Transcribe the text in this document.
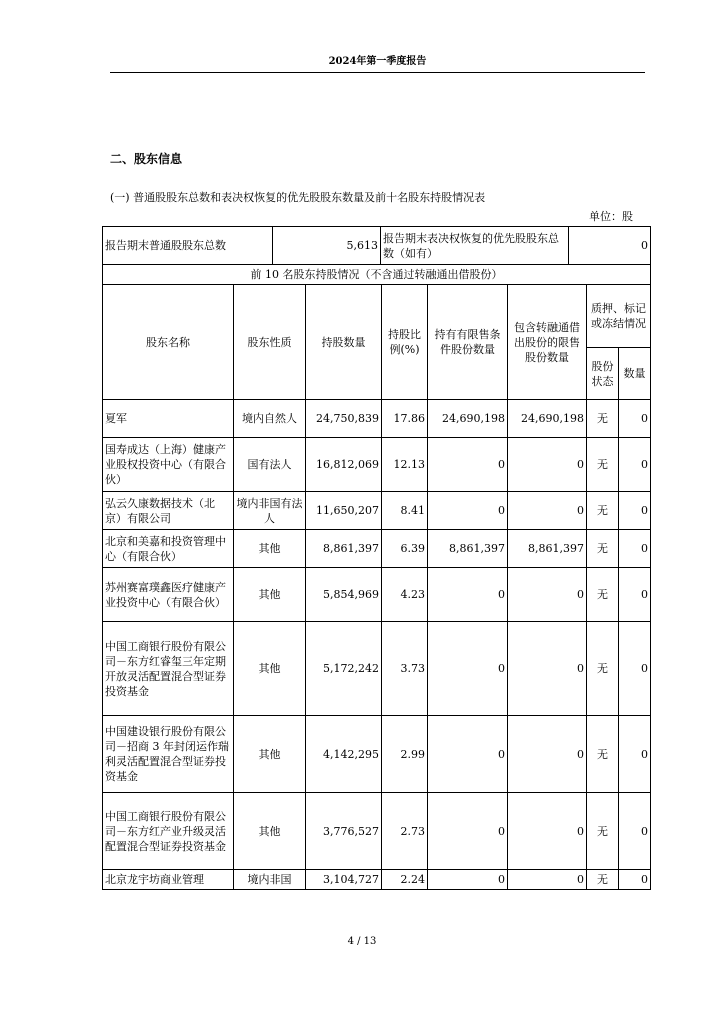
2024年第一季度报告
二、股东信息
(一) 普通股股东总数和表决权恢复的优先股股东数量及前十名股东持股情况表
单位：股
报告期末普通股股东总数	5,613	报告期末表决权恢复的优先股股东总数（如有）	0
前 10 名股东持股情况（不含通过转融通出借股份）							
股东名称	股东性质	持股数量	持股比例(%)	持有有限售条件股份数量	包含转融通借出股份的限售股份数量	质押、标记或冻结情况	
						股份状态	数量
夏军	境内自然人	24,750,839	17.86	24,690,198	24,690,198	无	0
国寿成达（上海）健康产业股权投资中心（有限合伙）	国有法人	16,812,069	12.13	0	0	无	0
弘云久康数据技术（北京）有限公司	境内非国有法人	11,650,207	8.41	0	0	无	0
北京和美嘉和投资管理中心（有限合伙）	其他	8,861,397	6.39	8,861,397	8,861,397	无	0
苏州赛富璞鑫医疗健康产业投资中心（有限合伙）	其他	5,854,969	4.23	0	0	无	0
中国工商银行股份有限公司－东方红睿玺三年定期开放灵活配置混合型证券投资基金	其他	5,172,242	3.73	0	0	无	0
中国建设银行股份有限公司－招商 3 年封闭运作瑞利灵活配置混合型证券投资基金	其他	4,142,295	2.99	0	0	无	0
中国工商银行股份有限公司－东方红产业升级灵活配置混合型证券投资基金	其他	3,776,527	2.73	0	0	无	0
北京龙宇坊商业管理	境内非国	3,104,727	2.24	0	0	无	0
4 / 13
